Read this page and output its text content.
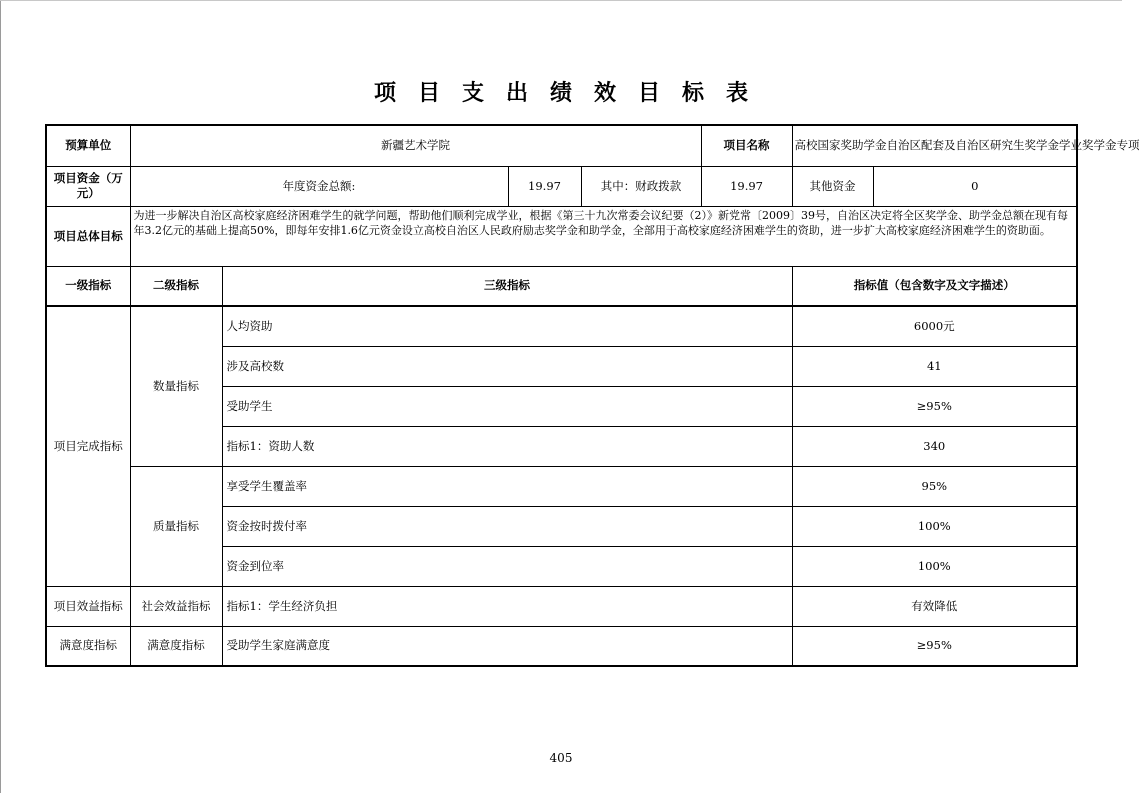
项目支出绩效目标表
预算单位	新疆艺术学院				项目名称	高校国家奖助学金自治区配套及自治区研究生奖学金学业奖学金专项	
项目资金（万元）	年度资金总额:		19.97	其中：财政拨款	19.97	其他资金	0
项目总体目标	为进一步解决自治区高校家庭经济困难学生的就学问题，帮助他们顺利完成学业，根据《第三十九次常委会议纪要（2）》新党常〔2009〕39号，自治区决定将全区奖学金、助学金总额在现有每年3.2亿元的基础上提高50%，即每年安排1.6亿元资金设立高校自治区人民政府励志奖学金和助学金，全部用于高校家庭经济困难学生的资助，进一步扩大高校家庭经济困难学生的资助面。						
一级指标	二级指标	三级指标				指标值（包含数字及文字描述）	
项目完成指标	数量指标	人均资助				6000元	
		涉及高校数				41	
		受助学生				≥95%	
		指标1：资助人数				340	
	质量指标	享受学生覆盖率				95%	
		资金按时拨付率				100%	
		资金到位率				100%	
项目效益指标	社会效益指标	指标1：学生经济负担				有效降低	
满意度指标	满意度指标	受助学生家庭满意度				≥95%	
405
